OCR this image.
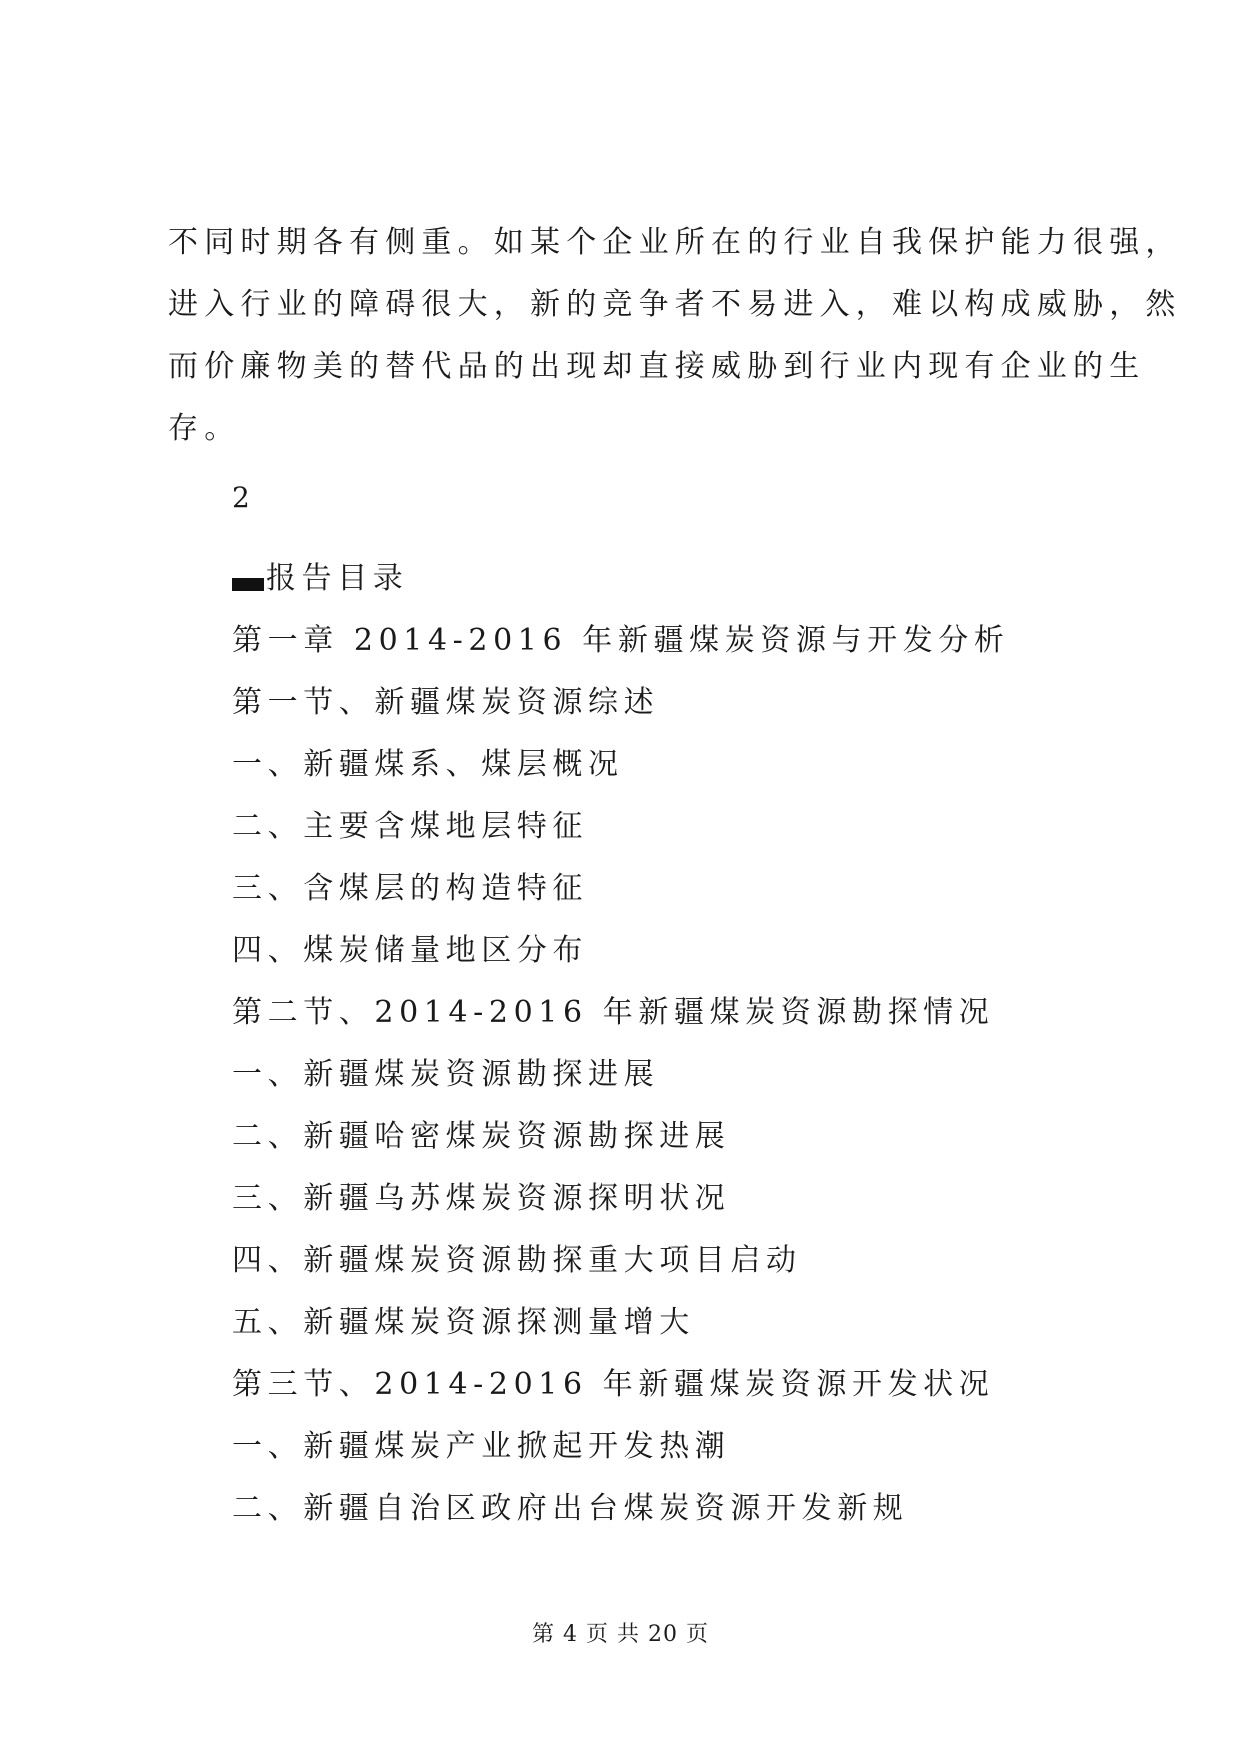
不同时期各有侧重。如某个企业所在的行业自我保护能力很强，
进入行业的障碍很大，新的竞争者不易进入，难以构成威胁，然
而价廉物美的替代品的出现却直接威胁到行业内现有企业的生
存。
2
报告目录
第一章 2014-2016 年新疆煤炭资源与开发分析
第一节、新疆煤炭资源综述
一、新疆煤系、煤层概况
二、主要含煤地层特征
三、含煤层的构造特征
四、煤炭储量地区分布
第二节、2014-2016 年新疆煤炭资源勘探情况
一、新疆煤炭资源勘探进展
二、新疆哈密煤炭资源勘探进展
三、新疆乌苏煤炭资源探明状况
四、新疆煤炭资源勘探重大项目启动
五、新疆煤炭资源探测量增大
第三节、2014-2016 年新疆煤炭资源开发状况
一、新疆煤炭产业掀起开发热潮
二、新疆自治区政府出台煤炭资源开发新规
第 4 页 共 20 页
